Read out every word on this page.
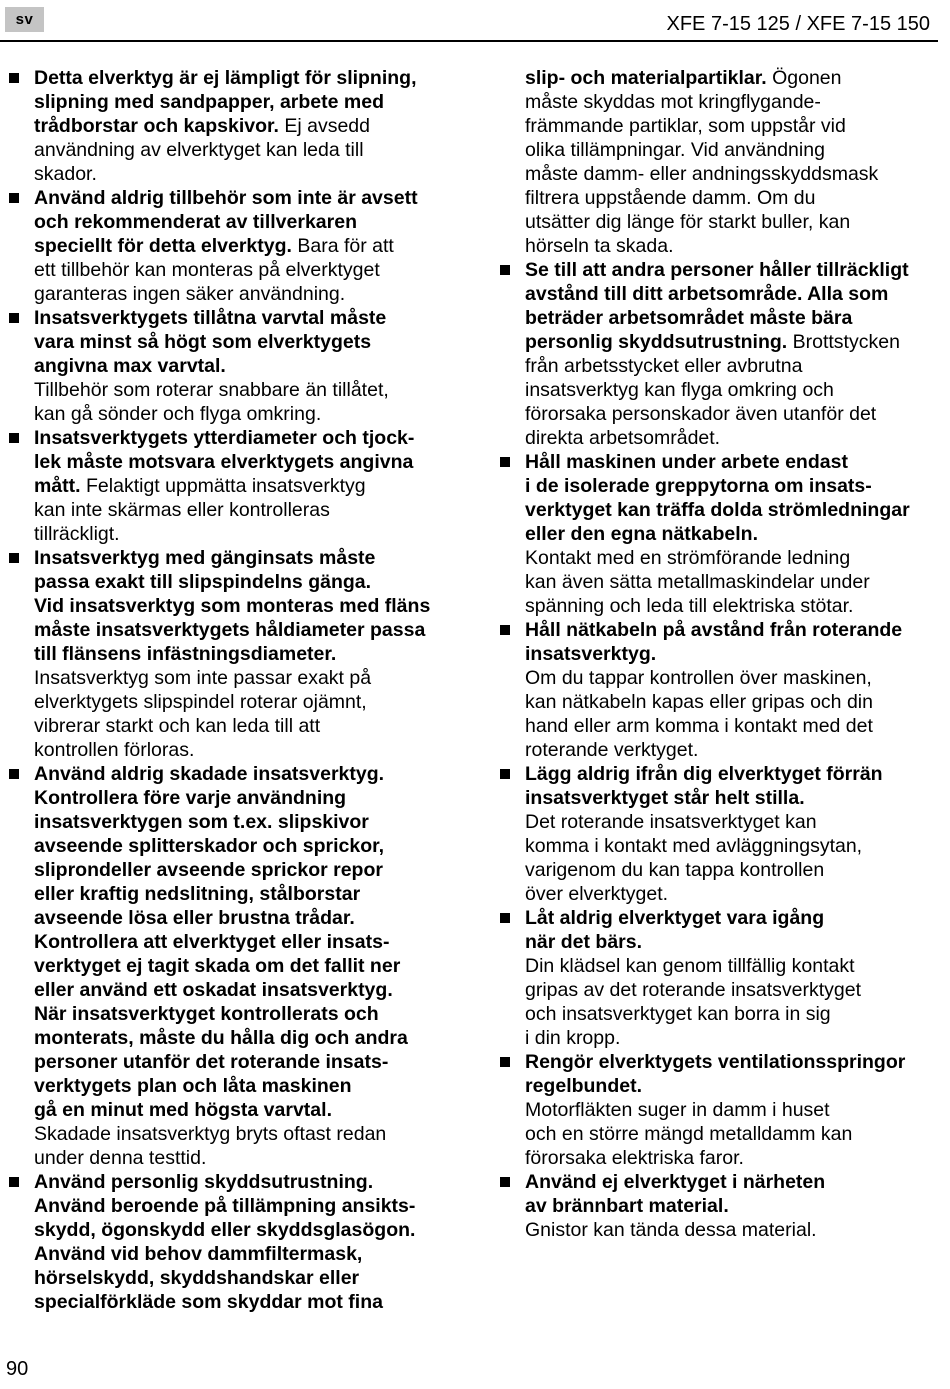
sv	XFE 7-15 125 / XFE 7-15 150

Detta elverktyg är ej lämpligt för slipning,

slipning med sandpapper, arbete med

trådborstar och kapskivor. Ej avsedd

användning av elverktyget kan leda till

skador.

Använd aldrig tillbehör som inte är avsett

och rekommenderat av tillverkaren

speciellt för detta elverktyg. Bara för att

ett tillbehör kan monteras på elverktyget

garanteras ingen säker användning.

Insatsverktygets tillåtna varvtal måste

vara minst så högt som elverktygets

angivna max varvtal.

Tillbehör som roterar snabbare än tillåtet,

kan gå sönder och flyga omkring.

Insatsverktygets ytterdiameter och tjock-

lek måste motsvara elverktygets angivna

mått. Felaktigt uppmätta insatsverktyg

kan inte skärmas eller kontrolleras

tillräckligt.

Insatsverktyg med gänginsats måste

passa exakt till slipspindelns gänga.

Vid insatsverktyg som monteras med fläns

måste insatsverktygets håldiameter passa

till flänsens infästningsdiameter.

Insatsverktyg som inte passar exakt på

elverktygets slipspindel roterar ojämnt,

vibrerar starkt och kan leda till att

kontrollen förloras.

Använd aldrig skadade insatsverktyg.

Kontrollera före varje användning

insatsverktygen som t.ex. slipskivor

avseende splitterskador och sprickor,

sliprondeller avseende sprickor repor

eller kraftig nedslitning, stålborstar

avseende lösa eller brustna trådar.

Kontrollera att elverktyget eller insats-

verktyget ej tagit skada om det fallit ner

eller använd ett oskadat insatsverktyg.

När insatsverktyget kontrollerats och

monterats, måste du hålla dig och andra

personer utanför det roterande insats-

verktygets plan och låta maskinen

gå en minut med högsta varvtal.

Skadade insatsverktyg bryts oftast redan

under denna testtid.

Använd personlig skyddsutrustning.

Använd beroende på tillämpning ansikts-

skydd, ögonskydd eller skyddsglasögon.

Använd vid behov dammfiltermask,

hörselskydd, skyddshandskar eller

specialförkläde som skyddar mot fina

slip- och materialpartiklar. Ögonen

måste skyddas mot kringflygande-

främmande partiklar, som uppstår vid

olika tillämpningar. Vid användning

måste damm- eller andningsskyddsmask

filtrera uppstående damm. Om du

utsätter dig länge för starkt buller, kan

hörseln ta skada.

Se till att andra personer håller tillräckligt

avstånd till ditt arbetsområde. Alla som

beträder arbetsområdet måste bära

personlig skyddsutrustning. Brottstycken

från arbetsstycket eller avbrutna

insatsverktyg kan flyga omkring och

förorsaka personskador även utanför det

direkta arbetsområdet.

Håll maskinen under arbete endast

i de isolerade greppytorna om insats-

verktyget kan träffa dolda strömledningar

eller den egna nätkabeln.

Kontakt med en strömförande ledning

kan även sätta metallmaskindelar under

spänning och leda till elektriska stötar.

Håll nätkabeln på avstånd från roterande

insatsverktyg.

Om du tappar kontrollen över maskinen,

kan nätkabeln kapas eller gripas och din

hand eller arm komma i kontakt med det

roterande verktyget.

Lägg aldrig ifrån dig elverktyget förrän

insatsverktyget står helt stilla.

Det roterande insatsverktyget kan

komma i kontakt med avläggningsytan,

varigenom du kan tappa kontrollen

över elverktyget.

Låt aldrig elverktyget vara igång

när det bärs.

Din klädsel kan genom tillfällig kontakt

gripas av det roterande insatsverktyget

och insatsverktyget kan borra in sig

i din kropp.

Rengör elverktygets ventilationsspringor

regelbundet.

Motorfläkten suger in damm i huset

och en större mängd metalldamm kan

förorsaka elektriska faror.

Använd ej elverktyget i närheten

av brännbart material.

Gnistor kan tända dessa material.

90
